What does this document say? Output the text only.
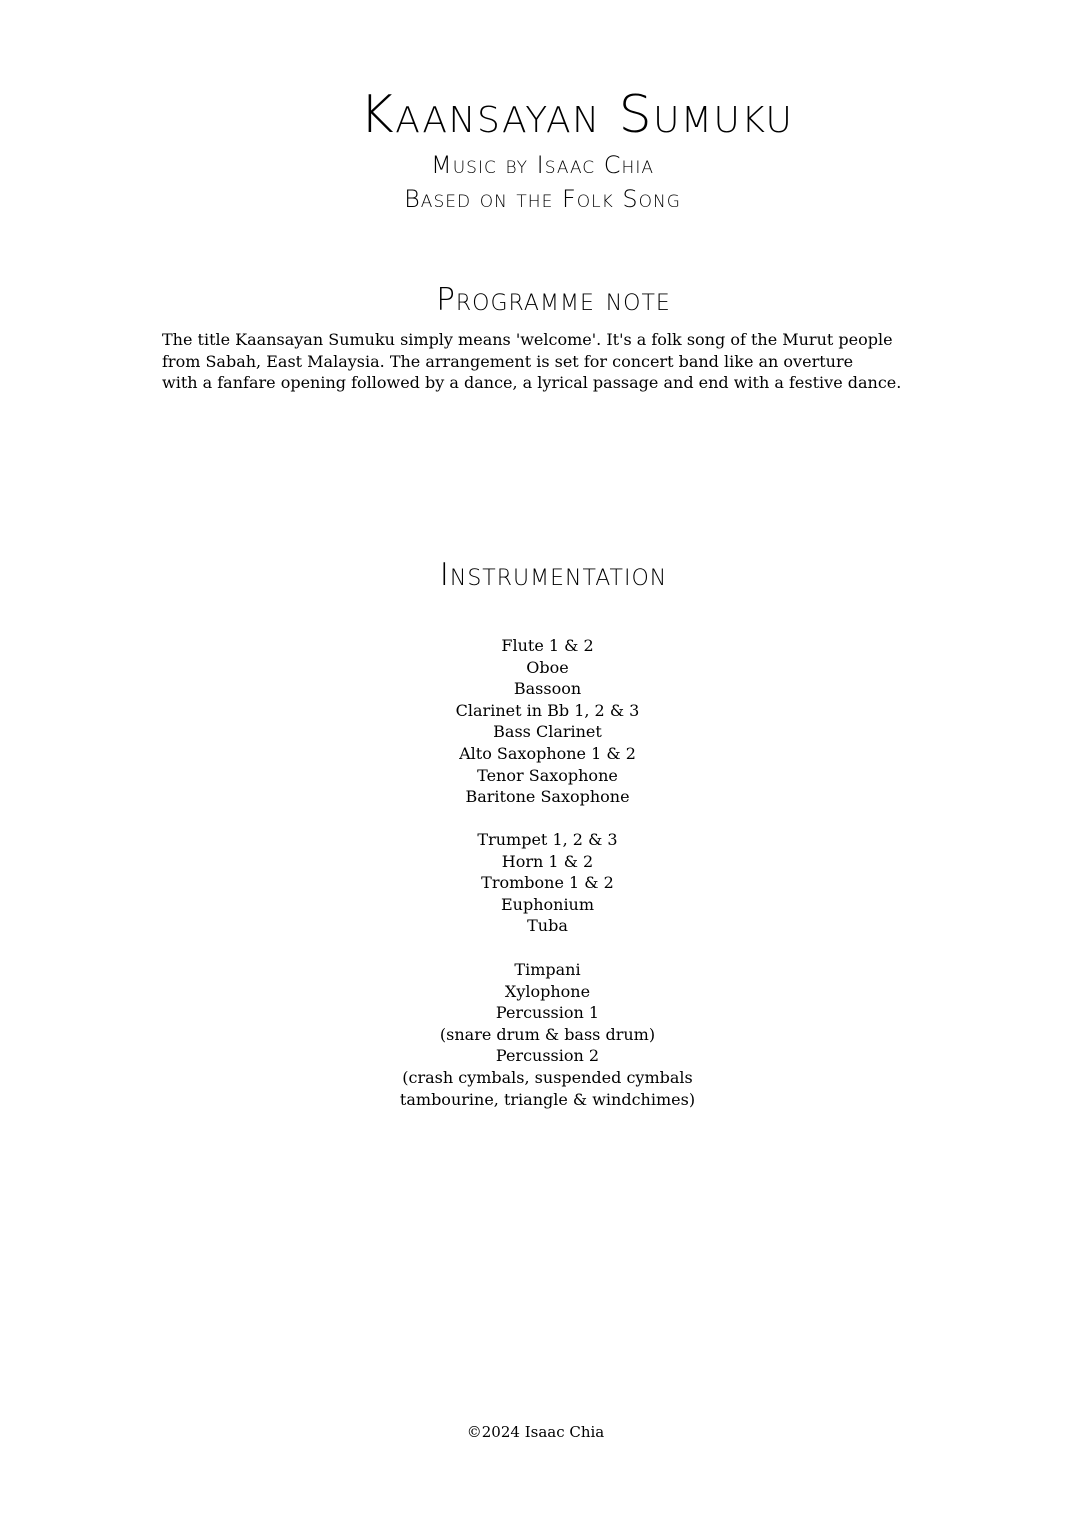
Kaansayan Sumuku

Music by Isaac Chia

Based on the Folk Song

Programme note

The title Kaansayan Sumuku simply means 'welcome'. It's a folk song of the Murut people
from Sabah, East Malaysia. The arrangement is set for concert band like an overture
with a fanfare opening followed by a dance, a lyrical passage and end with a festive dance.

Instrumentation
Flute 1 & 2
Oboe
Bassoon
Clarinet in Bb 1, 2 & 3
Bass Clarinet
Alto Saxophone 1 & 2
Tenor Saxophone
Baritone Saxophone
Trumpet 1, 2 & 3
Horn 1 & 2
Trombone 1 & 2
Euphonium
Tuba
Timpani
Xylophone
Percussion 1
(snare drum & bass drum)
Percussion 2
(crash cymbals, suspended cymbals
tambourine, triangle & windchimes)

©2024 Isaac Chia
